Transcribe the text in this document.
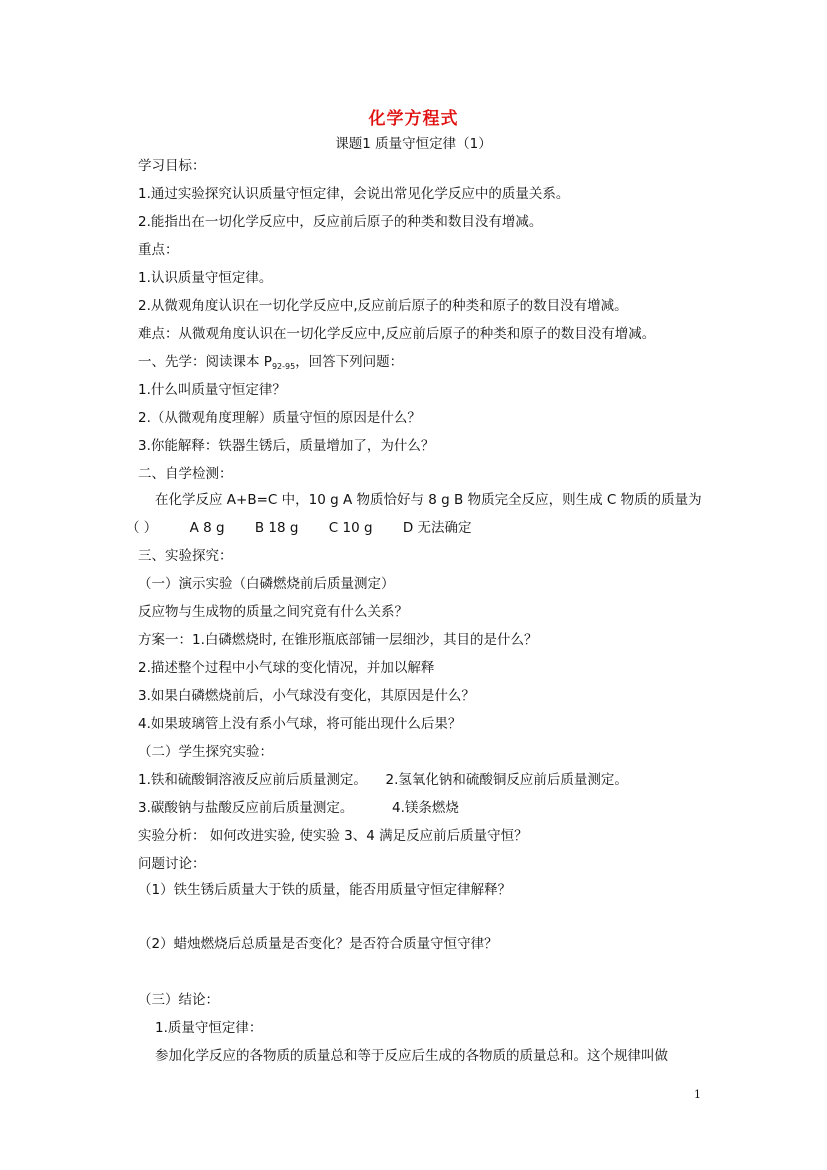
化学方程式
课题1 质量守恒定律（1）
学习目标：
1.通过实验探究认识质量守恒定律，会说出常见化学反应中的质量关系。
2.能指出在一切化学反应中，反应前后原子的种类和数目没有增减。
重点：
1.认识质量守恒定律。
2.从微观角度认识在一切化学反应中,反应前后原子的种类和原子的数目没有增减。
难点：从微观角度认识在一切化学反应中,反应前后原子的种类和原子的数目没有增减。
一、先学：阅读课本 $P_{92-95}$，回答下列问题：
1.什么叫质量守恒定律？
2.（从微观角度理解）质量守恒的原因是什么？
3.你能解释：铁器生锈后，质量增加了，为什么？
二、自学检测：
在化学反应 A+B=C 中，10 g A 物质恰好与 8 g B 物质完全反应，则生成 C 物质的质量为
（ ） A 8 g B 18 g C 10 g D 无法确定
三、实验探究：
（一）演示实验（白磷燃烧前后质量测定）
反应物与生成物的质量之间究竟有什么关系？
方案一：1.白磷燃烧时, 在锥形瓶底部铺一层细沙，其目的是什么？
2.描述整个过程中小气球的变化情况，并加以解释
3.如果白磷燃烧前后，小气球没有变化，其原因是什么？
4.如果玻璃管上没有系小气球，将可能出现什么后果？
（二）学生探究实验：
1.铁和硫酸铜溶液反应前后质量测定。 2.氢氧化钠和硫酸铜反应前后质量测定。
3.碳酸钠与盐酸反应前后质量测定。	4.镁条燃烧
实验分析： 如何改进实验, 使实验 3、4 满足反应前后质量守恒？
问题讨论：
（1）铁生锈后质量大于铁的质量，能否用质量守恒定律解释？
（2）蜡烛燃烧后总质量是否变化？是否符合质量守恒守律？
（三）结论：
1.质量守恒定律：
参加化学反应的各物质的质量总和等于反应后生成的各物质的质量总和。这个规律叫做
1
